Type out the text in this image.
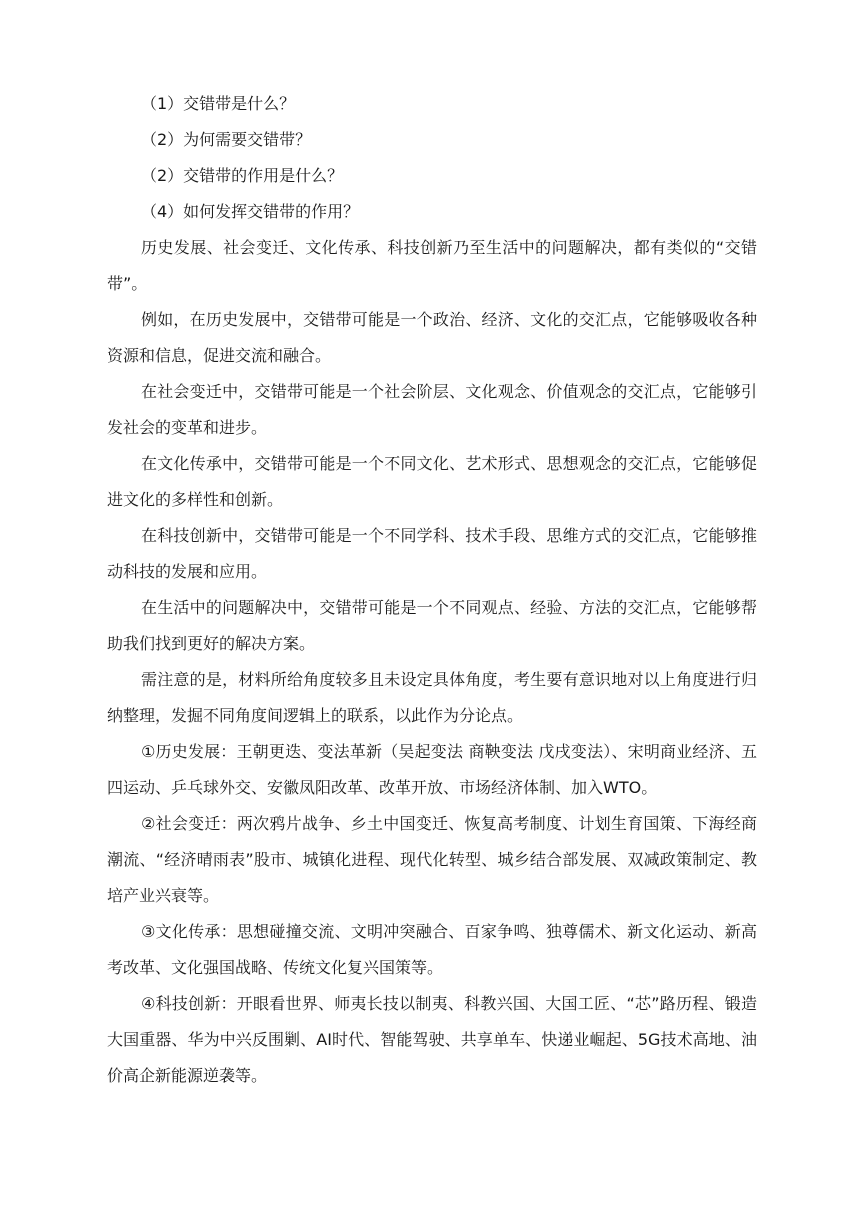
（1）交错带是什么？
（2）为何需要交错带？
（2）交错带的作用是什么？
（4）如何发挥交错带的作用？

历史发展、社会变迁、文化传承、科技创新乃至生活中的问题解决，都有类似的“交错带”。

例如，在历史发展中，交错带可能是一个政治、经济、文化的交汇点，它能够吸收各种资源和信息，促进交流和融合。

在社会变迁中，交错带可能是一个社会阶层、文化观念、价值观念的交汇点，它能够引发社会的变革和进步。

在文化传承中，交错带可能是一个不同文化、艺术形式、思想观念的交汇点，它能够促进文化的多样性和创新。

在科技创新中，交错带可能是一个不同学科、技术手段、思维方式的交汇点，它能够推动科技的发展和应用。

在生活中的问题解决中，交错带可能是一个不同观点、经验、方法的交汇点，它能够帮助我们找到更好的解决方案。

需注意的是，材料所给角度较多且未设定具体角度，考生要有意识地对以上角度进行归纳整理，发掘不同角度间逻辑上的联系，以此作为分论点。

①历史发展：王朝更迭、变法革新（吴起变法 商鞅变法 戊戌变法）、宋明商业经济、五四运动、乒乓球外交、安徽凤阳改革、改革开放、市场经济体制、加入WTO。

②社会变迁：两次鸦片战争、乡土中国变迁、恢复高考制度、计划生育国策、下海经商潮流、“经济晴雨表”股市、城镇化进程、现代化转型、城乡结合部发展、双减政策制定、教培产业兴衰等。

③文化传承：思想碰撞交流、文明冲突融合、百家争鸣、独尊儒术、新文化运动、新高考改革、文化强国战略、传统文化复兴国策等。

④科技创新：开眼看世界、师夷长技以制夷、科教兴国、大国工匠、“芯”路历程、锻造大国重器、华为中兴反围剿、AI时代、智能驾驶、共享单车、快递业崛起、5G技术高地、油价高企新能源逆袭等。
